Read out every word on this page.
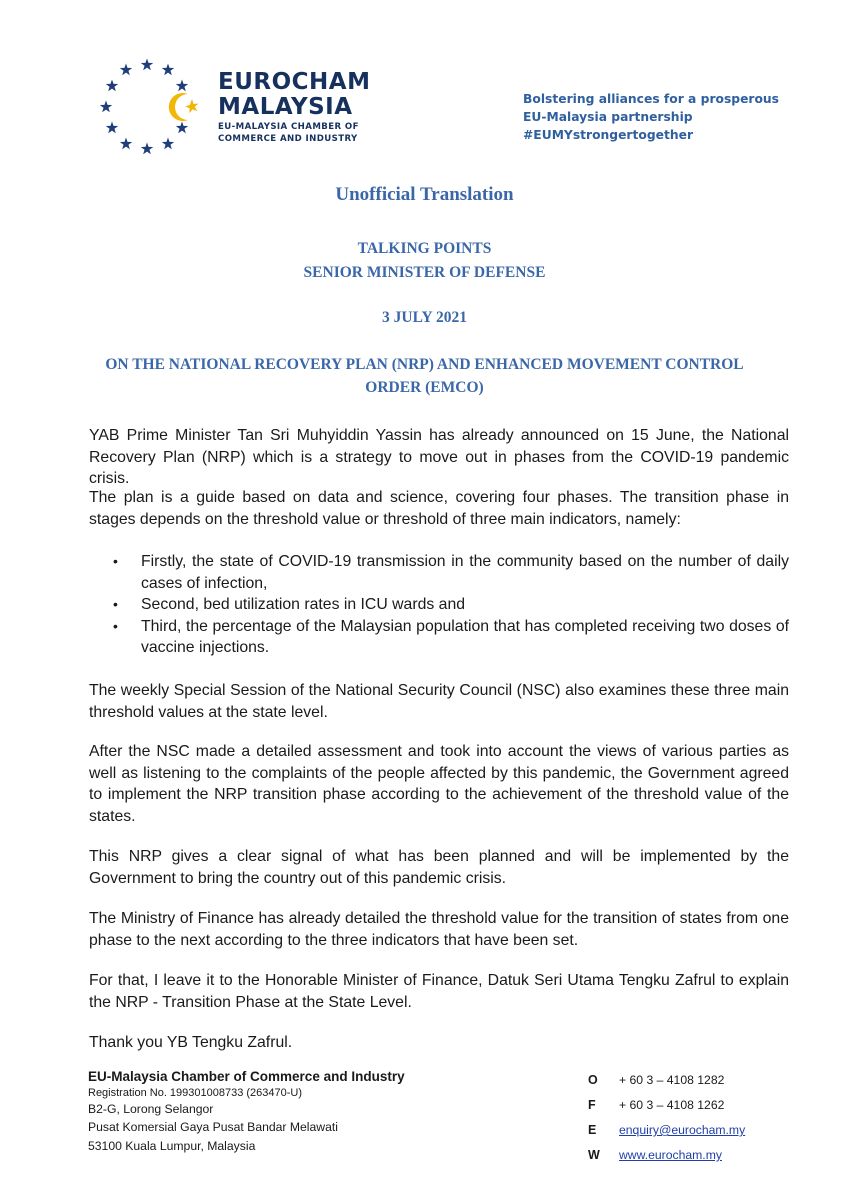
EUROCHAM
MALAYSIA
EU-MALAYSIA CHAMBER OF
COMMERCE AND INDUSTRY
Bolstering alliances for a prosperous
EU-Malaysia partnership
#EUMYstrongertogether
Unofficial Translation
TALKING POINTS
SENIOR MINISTER OF DEFENSE
3 JULY 2021
ON THE NATIONAL RECOVERY PLAN (NRP) AND ENHANCED MOVEMENT CONTROL
ORDER (EMCO)
YAB Prime Minister Tan Sri Muhyiddin Yassin has already announced on 15 June, the National Recovery Plan (NRP) which is a strategy to move out in phases from the COVID-19 pandemic crisis.
The plan is a guide based on data and science, covering four phases. The transition phase in stages depends on the threshold value or threshold of three main indicators, namely:
• Firstly, the state of COVID-19 transmission in the community based on the number of daily cases of infection,
• Second, bed utilization rates in ICU wards and
• Third, the percentage of the Malaysian population that has completed receiving two doses of vaccine injections.
The weekly Special Session of the National Security Council (NSC) also examines these three main threshold values at the state level.
After the NSC made a detailed assessment and took into account the views of various parties as well as listening to the complaints of the people affected by this pandemic, the Government agreed to implement the NRP transition phase according to the achievement of the threshold value of the states.
This NRP gives a clear signal of what has been planned and will be implemented by the Government to bring the country out of this pandemic crisis.
The Ministry of Finance has already detailed the threshold value for the transition of states from one phase to the next according to the three indicators that have been set.
For that, I leave it to the Honorable Minister of Finance, Datuk Seri Utama Tengku Zafrul to explain the NRP - Transition Phase at the State Level.
Thank you YB Tengku Zafrul.
EU-Malaysia Chamber of Commerce and Industry
Registration No. 199301008733 (263470-U)
B2-G, Lorong Selangor
Pusat Komersial Gaya Pusat Bandar Melawati
53100 Kuala Lumpur, Malaysia
O + 60 3 – 4108 1282
F + 60 3 – 4108 1262
E enquiry@eurocham.my
W www.eurocham.my
